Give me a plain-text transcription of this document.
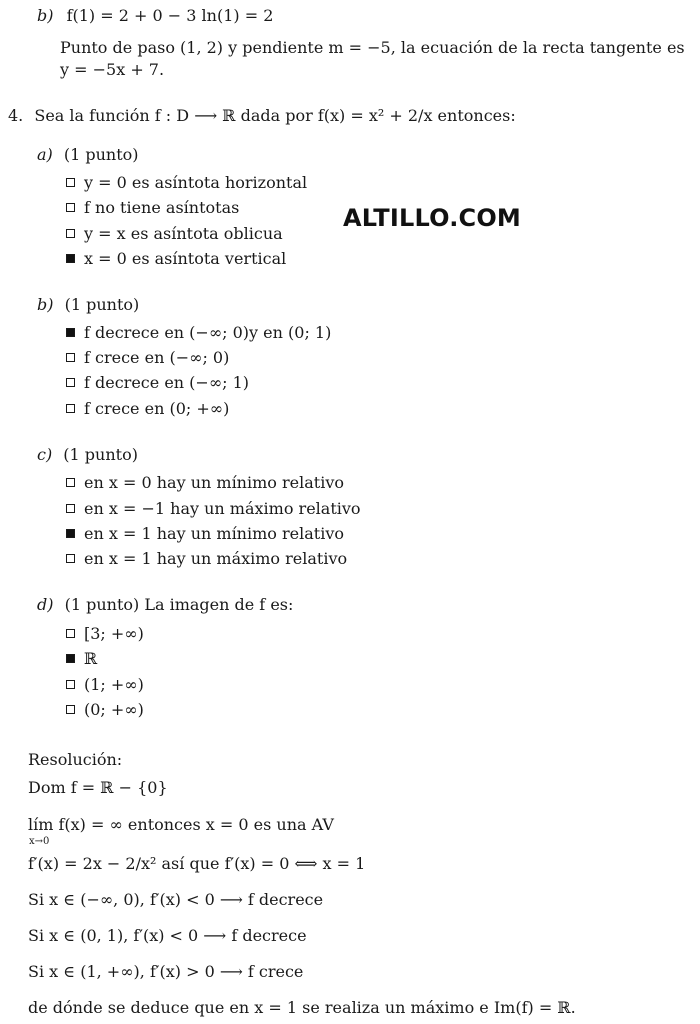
b) f(1) = 2 + 0 − 3 ln(1) = 2
Punto de paso (1, 2) y pendiente m = −5, la ecuación de la recta tangente es
y = −5x + 7.
ALTILLO.COM
4. Sea la función f : D ⟶ ℝ dada por f(x) = x² + 2/x entonces:
a) (1 punto)
y = 0 es asíntota horizontal
f no tiene asíntotas
y = x es asíntota oblicua
x = 0 es asíntota vertical
b) (1 punto)
f decrece en (−∞; 0)y en (0; 1)
f crece en (−∞; 0)
f decrece en (−∞; 1)
f crece en (0; +∞)
c) (1 punto)
en x = 0 hay un mínimo relativo
en x = −1 hay un máximo relativo
en x = 1 hay un mínimo relativo
en x = 1 hay un máximo relativo
d) (1 punto) La imagen de f es:
[3; +∞)
ℝ
(1; +∞)
(0; +∞)
Resolución:
Dom f = ℝ − {0}
lím f(x) = ∞ entonces x = 0 es una AV
x→0
f′(x) = 2x − 2/x² así que f′(x) = 0 ⟺ x = 1
Si x ∈ (−∞, 0), f′(x) < 0 ⟶ f decrece
Si x ∈ (0, 1), f′(x) < 0 ⟶ f decrece
Si x ∈ (1, +∞), f′(x) > 0 ⟶ f crece
de dónde se deduce que en x = 1 se realiza un máximo e Im(f) = ℝ.
